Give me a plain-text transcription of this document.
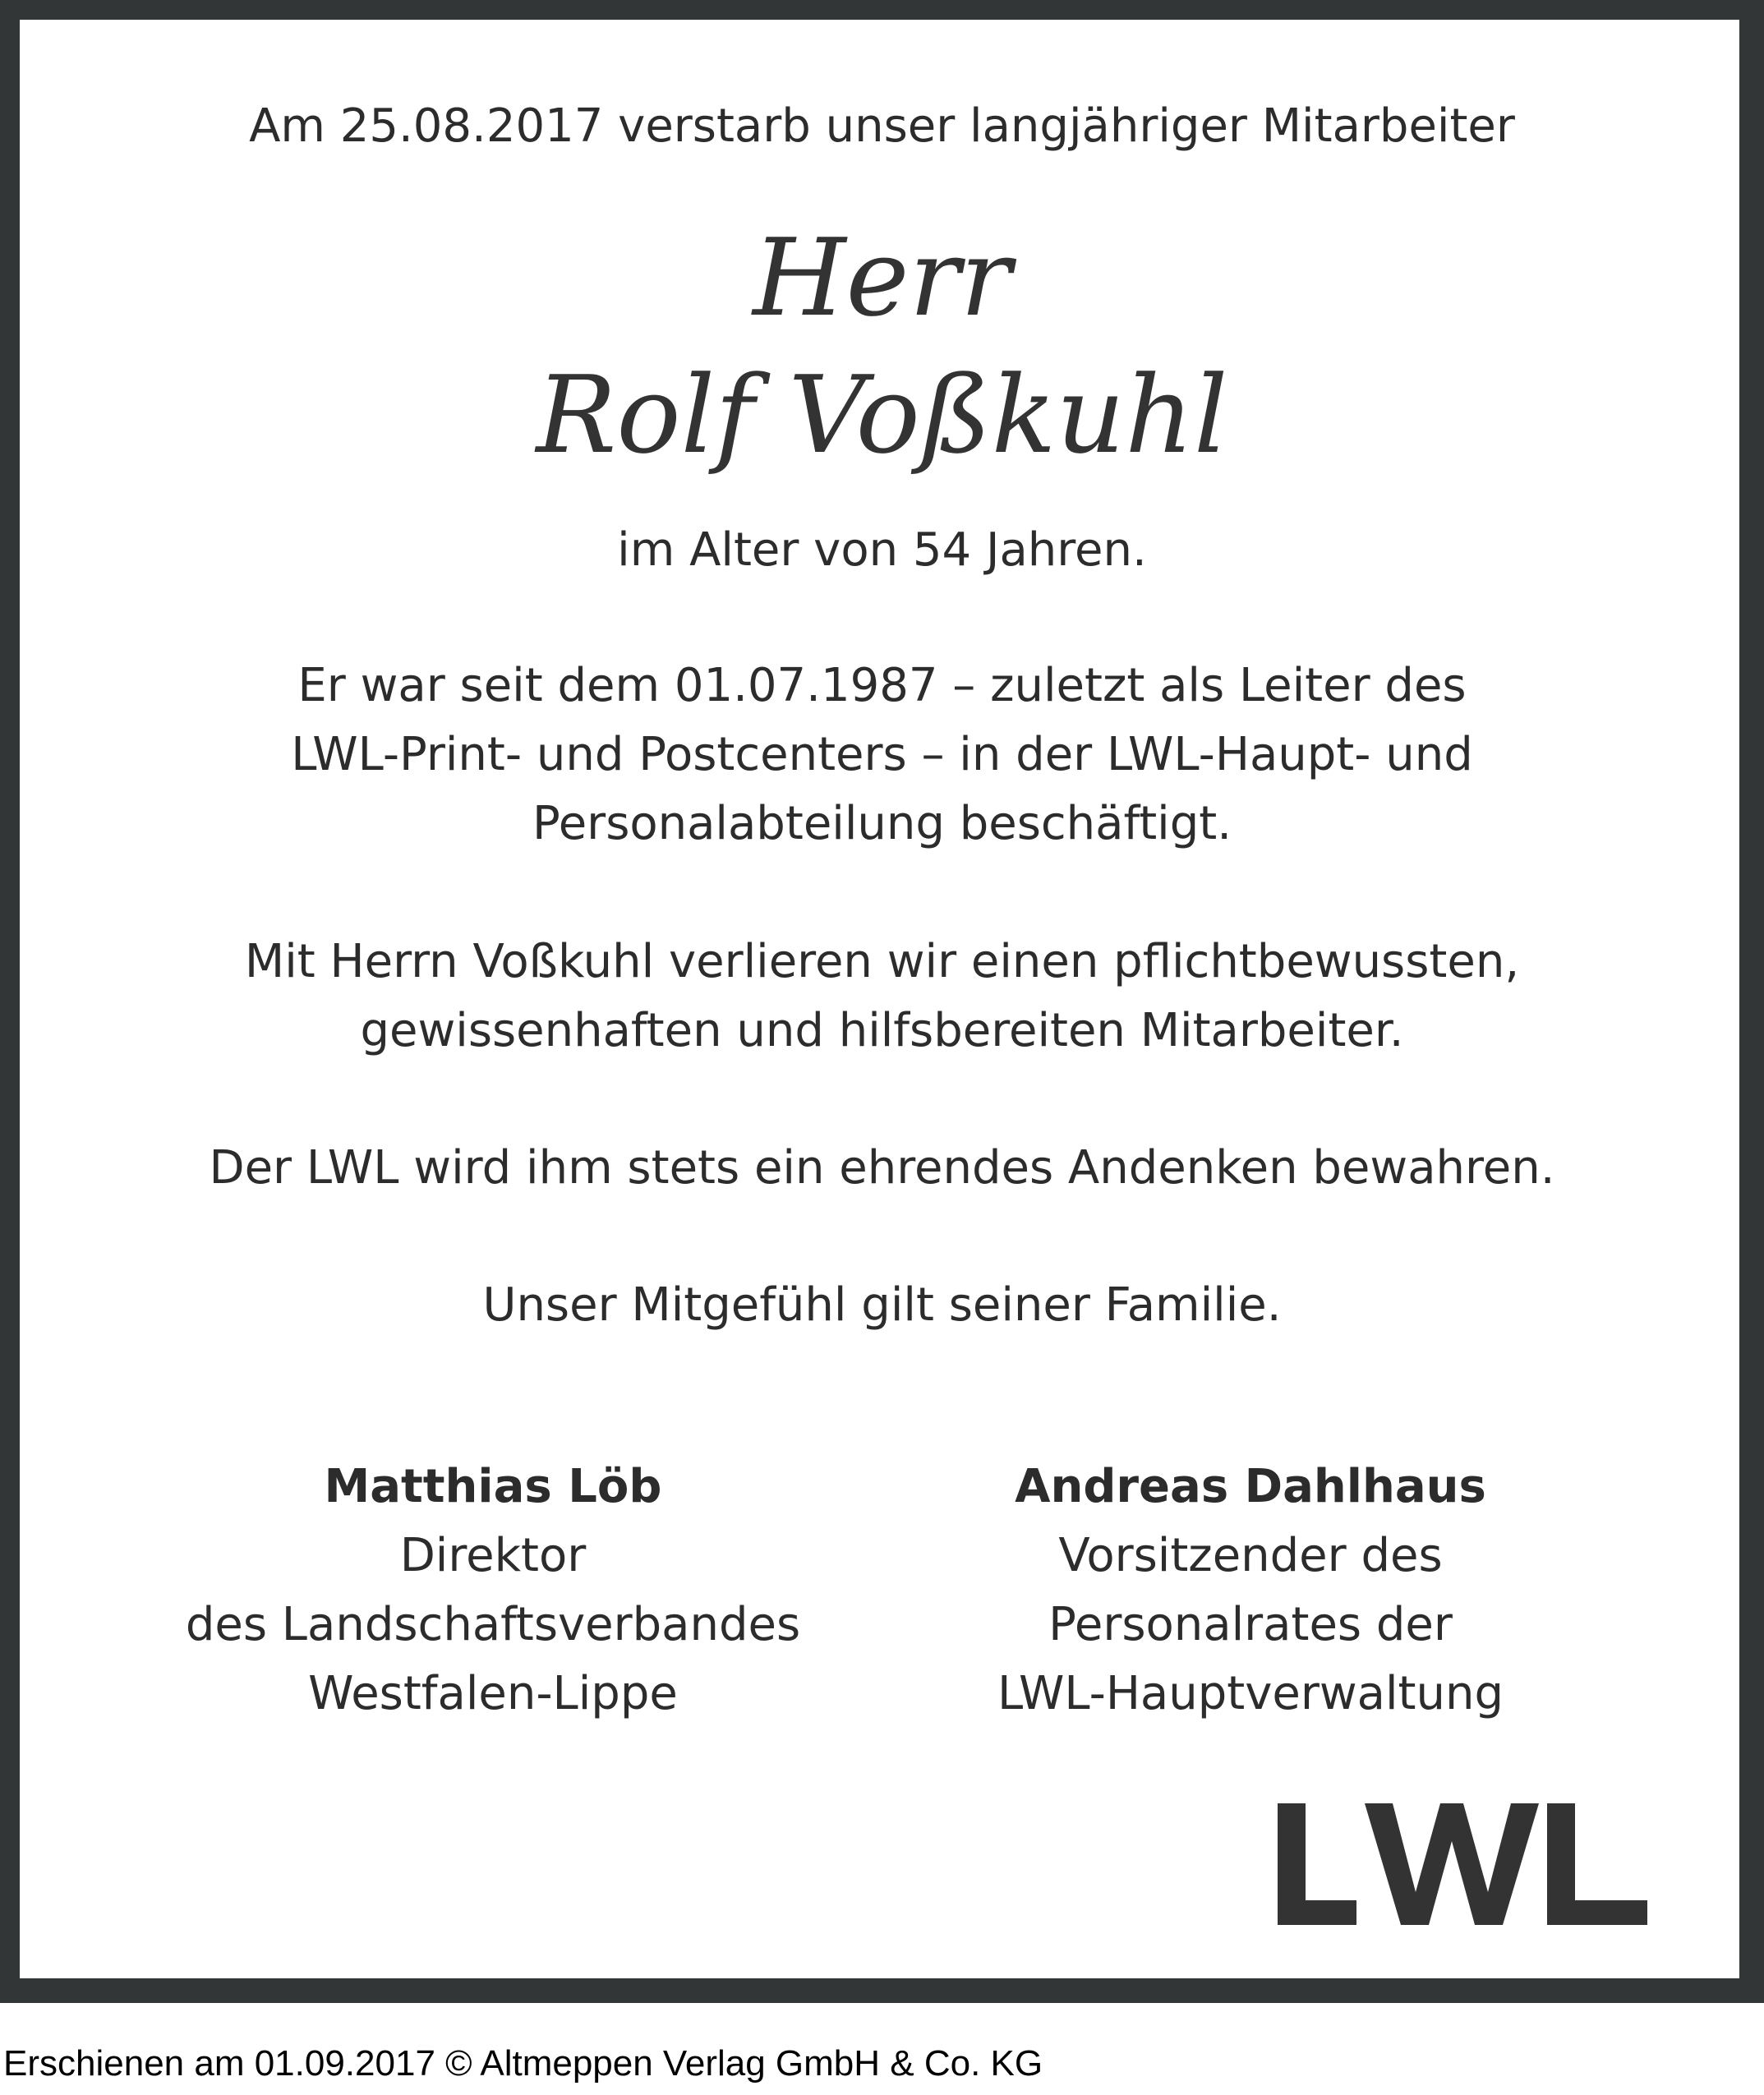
Am 25.08.2017 verstarb unser langjähriger Mitarbeiter
Herr
Rolf Voßkuhl
im Alter von 54 Jahren.
Er war seit dem 01.07.1987 – zuletzt als Leiter des
LWL-Print- und Postcenters – in der LWL-Haupt- und
Personalabteilung beschäftigt.
Mit Herrn Voßkuhl verlieren wir einen pflichtbewussten,
gewissenhaften und hilfsbereiten Mitarbeiter.
Der LWL wird ihm stets ein ehrendes Andenken bewahren.
Unser Mitgefühl gilt seiner Familie.
Matthias Löb
Direktor
des Landschaftsverbandes
Westfalen-Lippe
Andreas Dahlhaus
Vorsitzender des
Personalrates der
LWL-Hauptverwaltung
Erschienen am 01.09.2017 © Altmeppen Verlag GmbH & Co. KG
